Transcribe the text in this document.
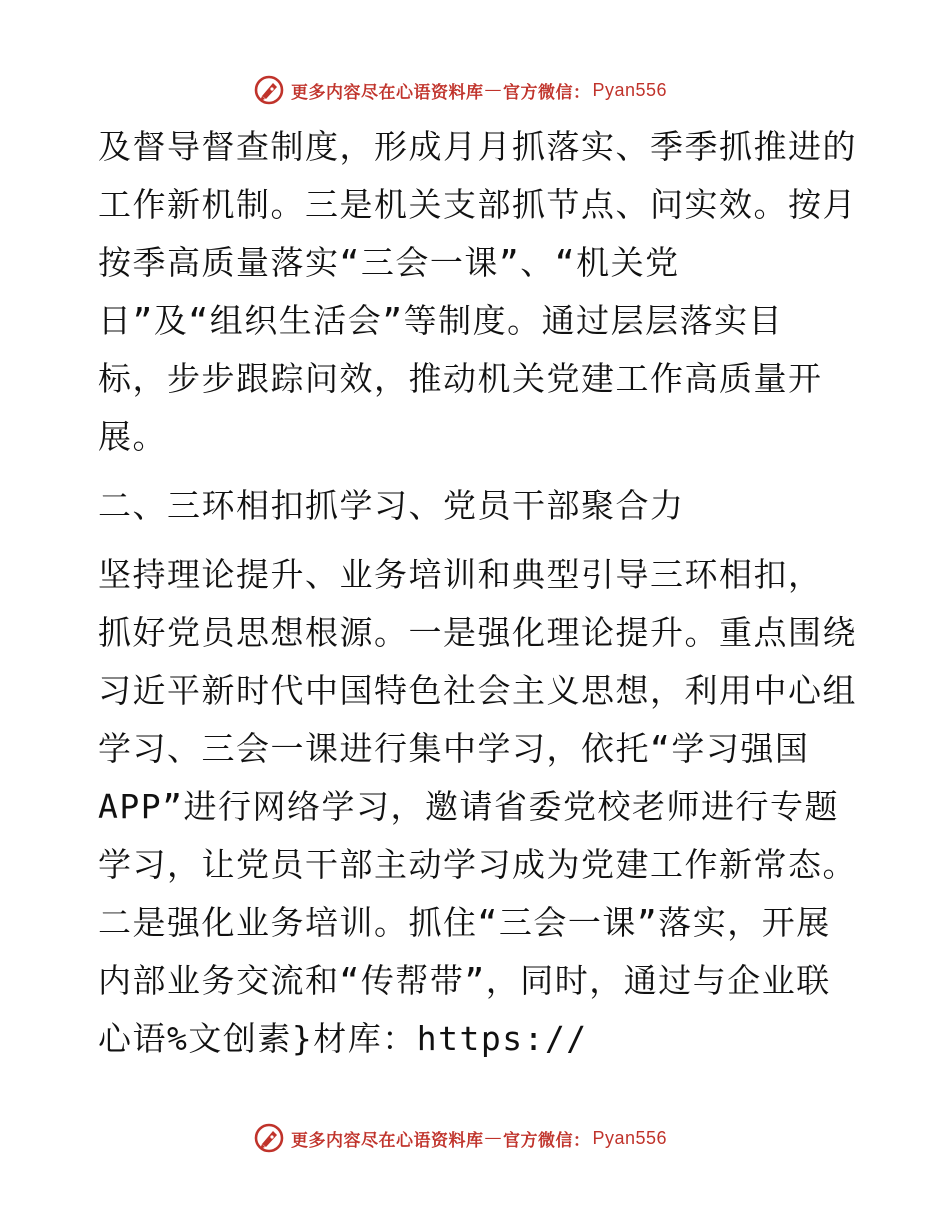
更多内容尽在心语资料库 — 官方微信： Pyan556
及督导督查制度，形成月月抓落实、季季抓推进的
工作新机制。三是机关支部抓节点、问实效。按月
按季高质量落实“三会一课”、“机关党
日”及“组织生活会”等制度。通过层层落实目
标，步步跟踪问效，推动机关党建工作高质量开
展。
二、三环相扣抓学习、党员干部聚合力
坚持理论提升、业务培训和典型引导三环相扣，
抓好党员思想根源。一是强化理论提升。重点围绕
习近平新时代中国特色社会主义思想，利用中心组
学习、三会一课进行集中学习，依托“学习强国
APP”进行网络学习，邀请省委党校老师进行专题
学习，让党员干部主动学习成为党建工作新常态。
二是强化业务培训。抓住“三会一课”落实，开展
内部业务交流和“传帮带”，同时，通过与企业联
心语%文创素}材库：https://
更多内容尽在心语资料库 — 官方微信： Pyan556
